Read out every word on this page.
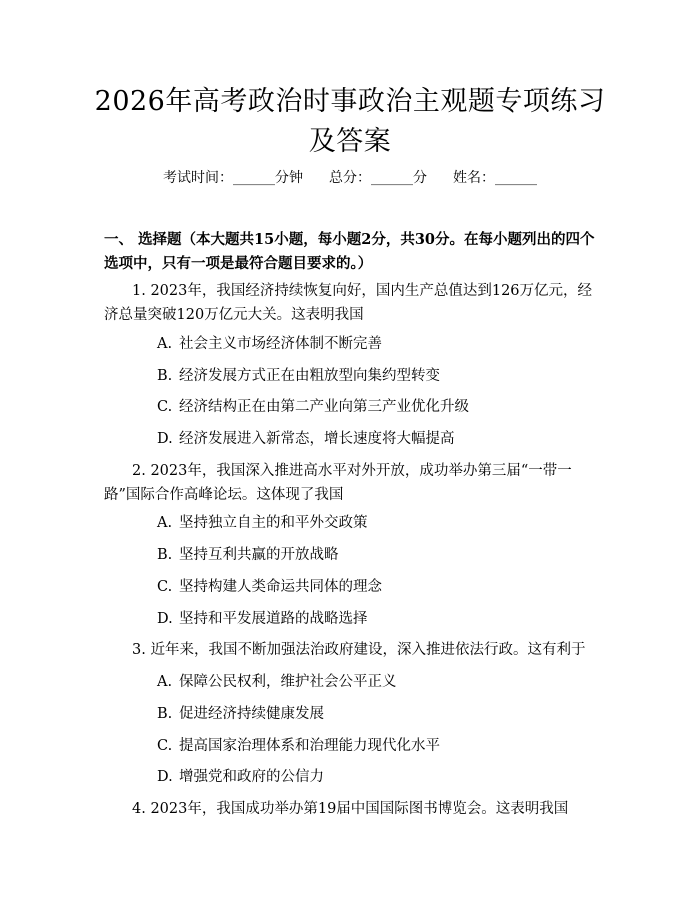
2026年高考政治时事政治主观题专项练习及答案
考试时间：______分钟 总分：______分 姓名：______
一、 选择题（本大题共15小题，每小题2分，共30分。在每小题列出的四个选项中，只有一项是最符合题目要求的。）
1. 2023年，我国经济持续恢复向好，国内生产总值达到126万亿元，经济总量突破120万亿元大关。这表明我国
A. 社会主义市场经济体制不断完善
B. 经济发展方式正在由粗放型向集约型转变
C. 经济结构正在由第二产业向第三产业优化升级
D. 经济发展进入新常态，增长速度将大幅提高
2. 2023年，我国深入推进高水平对外开放，成功举办第三届“一带一路”国际合作高峰论坛。这体现了我国
A. 坚持独立自主的和平外交政策
B. 坚持互利共赢的开放战略
C. 坚持构建人类命运共同体的理念
D. 坚持和平发展道路的战略选择
3. 近年来，我国不断加强法治政府建设，深入推进依法行政。这有利于
A. 保障公民权利，维护社会公平正义
B. 促进经济持续健康发展
C. 提高国家治理体系和治理能力现代化水平
D. 增强党和政府的公信力
4. 2023年，我国成功举办第19届中国国际图书博览会。这表明我国
